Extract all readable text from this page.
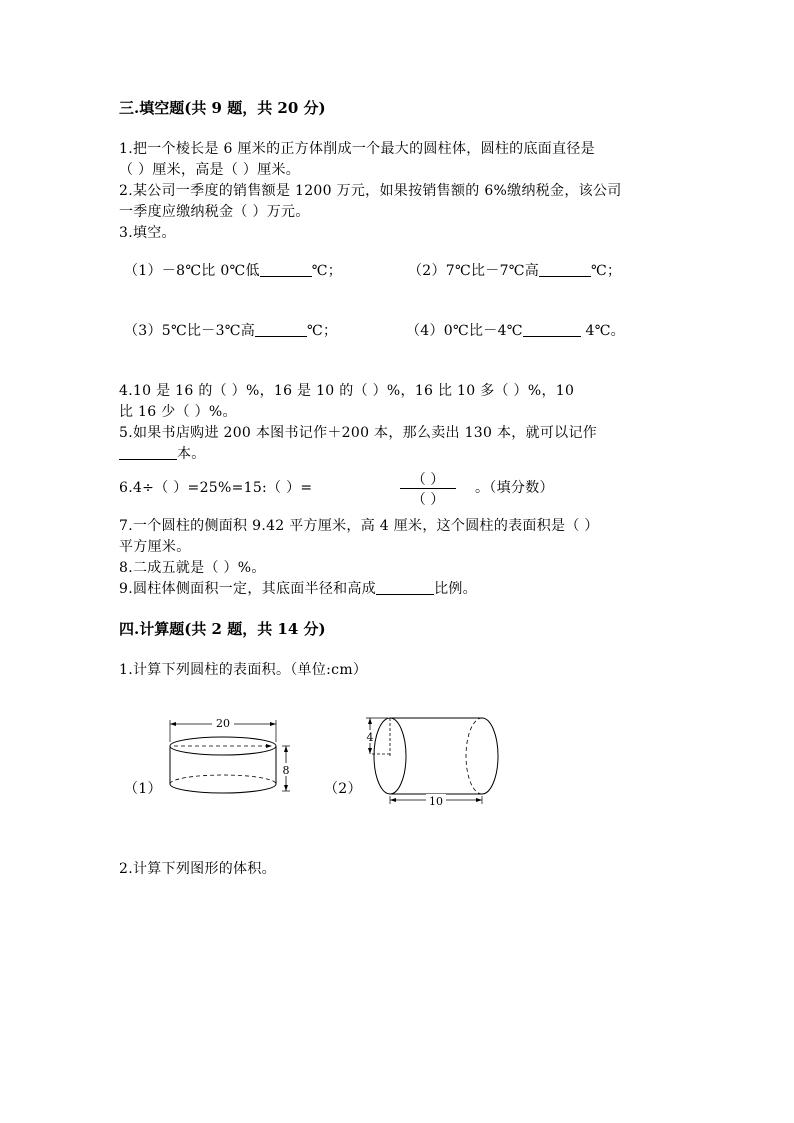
三.填空题(共 9 题，共 20 分)
1.把一个棱长是 6 厘米的正方体削成一个最大的圆柱体，圆柱的底面直径是
（ ）厘米，高是（ ）厘米。
2.某公司一季度的销售额是 1200 万元，如果按销售额的 6%缴纳税金，该公司
一季度应缴纳税金（ ）万元。
3.填空。
（1）－8℃比 0℃低	℃；	（2）7℃比－7℃高	℃；
（3）5℃比－3℃高	℃；	（4）0℃比－4℃	4℃。
4.10 是 16 的（ ）%，16 是 10 的（ ）%，16 比 10 多（ ）%，10
比 16 少（ ）%。
5.如果书店购进 200 本图书记作＋200 本，那么卖出 130 本，就可以记作
本。
6.4÷（ ）=25%=15:（ ）=	（ ）
（ ）
。（填分数）
7.一个圆柱的侧面积 9.42 平方厘米，高 4 厘米，这个圆柱的表面积是（ ）
平方厘米。
8.二成五就是（ ）%。
9.圆柱体侧面积一定，其底面半径和高成	比例。
四.计算题(共 2 题，共 14 分)
1.计算下列圆柱的表面积。（单位:cm）
（1）
20
8
（2）
4
10
2.计算下列图形的体积。
